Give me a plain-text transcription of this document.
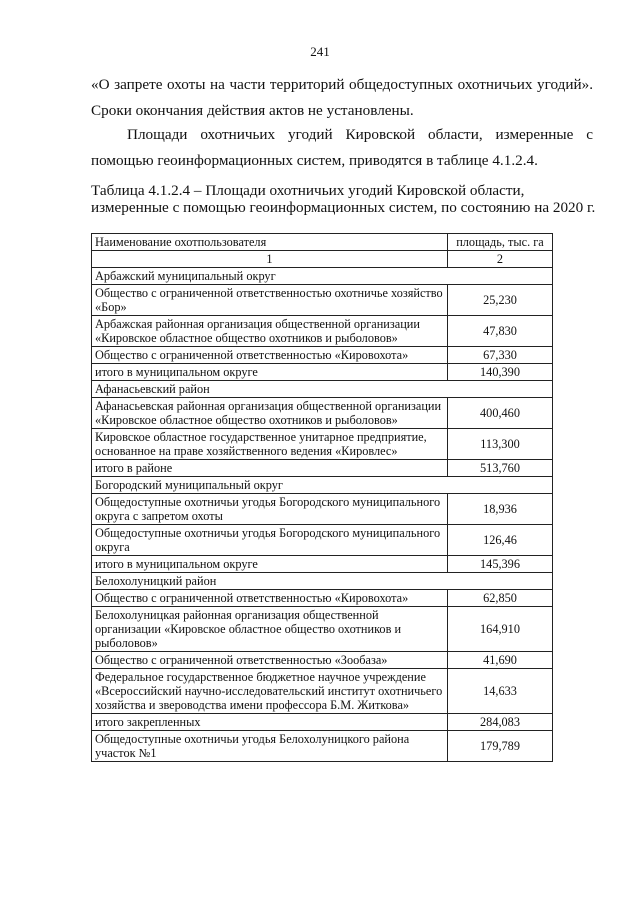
241
«О запрете охоты на части территорий общедоступных охотничьих угодий». Сроки окончания действия актов не установлены.
Площади охотничьих угодий Кировской области, измеренные с помощью геоинформационных систем, приводятся в таблице 4.1.2.4.
Таблица 4.1.2.4 – Площади охотничьих угодий Кировской области,
измеренные с помощью геоинформационных систем, по состоянию на 2020 г.
Наименование охотпользователя	площадь, тыс. га
1	2
Арбажский муниципальный округ	
Общество с ограниченной ответственностью охотничье хозяйство «Бор»	25,230
Арбажская районная организация общественной организации «Кировское областное общество охотников и рыболовов»	47,830
Общество с ограниченной ответственностью «Кировохота»	67,330
итого в муниципальном округе	140,390
Афанасьевский район	
Афанасьевская районная организация общественной организации «Кировское областное общество охотников и рыболовов»	400,460
Кировское областное государственное унитарное предприятие, основанное на праве хозяйственного ведения «Кировлес»	113,300
итого в районе	513,760
Богородский муниципальный округ	
Общедоступные охотничьи угодья Богородского муниципального округа с запретом охоты	18,936
Общедоступные охотничьи угодья Богородского муниципального округа	126,46
итого в муниципальном округе	145,396
Белохолуницкий район	
Общество с ограниченной ответственностью «Кировохота»	62,850
Белохолуницкая районная организация общественной организации «Кировское областное общество охотников и рыболовов»	164,910
Общество с ограниченной ответственностью «Зообаза»	41,690
Федеральное государственное бюджетное научное учреждение «Всероссийский научно-исследовательский институт охотничьего хозяйства и звероводства имени профессора Б.М. Житкова»	14,633
итого закрепленных	284,083
Общедоступные охотничьи угодья Белохолуницкого района участок №1	179,789
